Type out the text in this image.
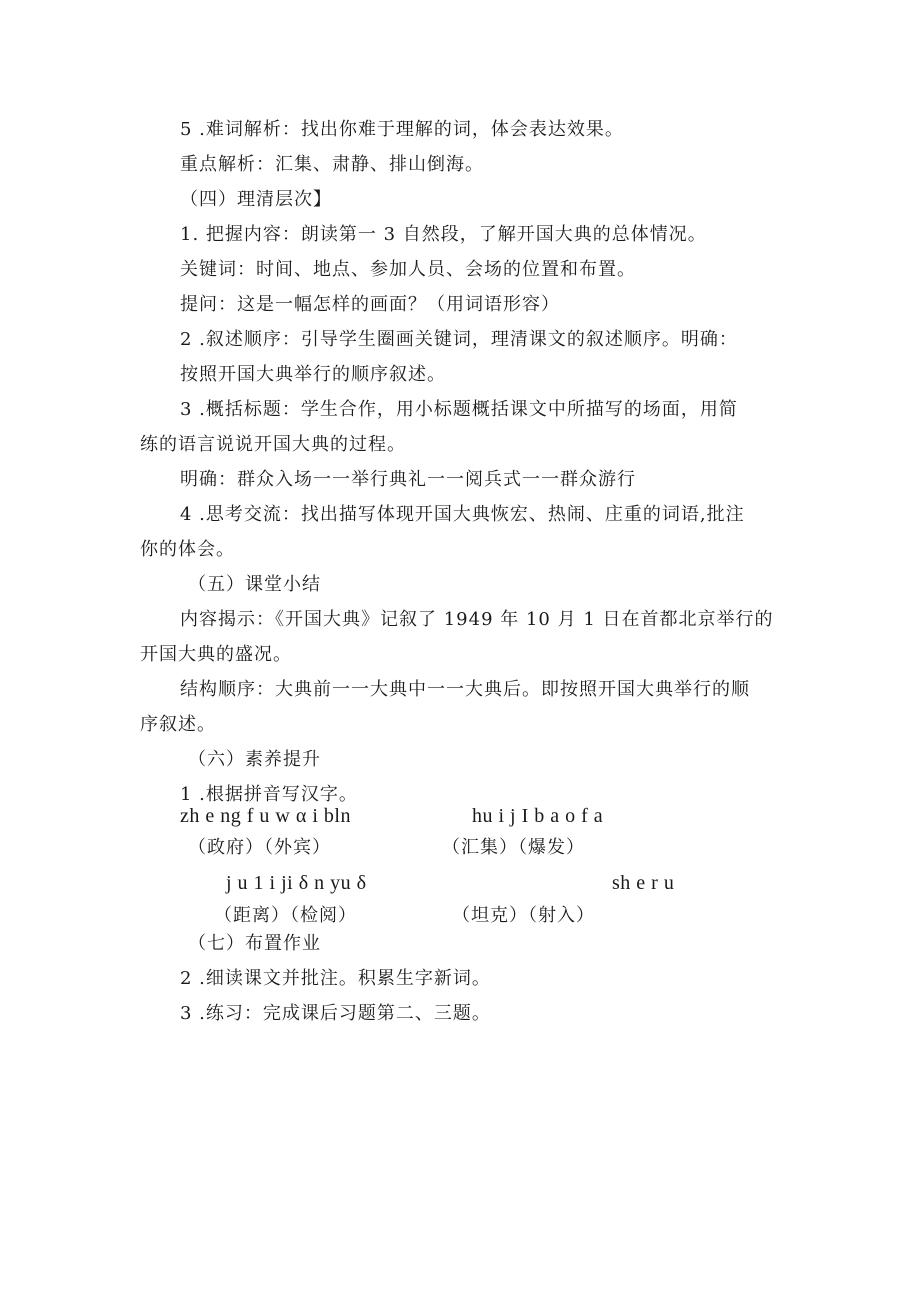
5 .难词解析：找出你难于理解的词，体会表达效果。
重点解析：汇集、肃静、排山倒海。
（四）理清层次】
1. 把握内容：朗读第一 3 自然段，了解开国大典的总体情况。
关键词：时间、地点、参加人员、会场的位置和布置。
提问：这是一幅怎样的画面？（用词语形容）
2 .叙述顺序：引导学生圈画关键词，理清课文的叙述顺序。明确：
按照开国大典举行的顺序叙述。
3 .概括标题：学生合作，用小标题概括课文中所描写的场面，用简
练的语言说说开国大典的过程。
明确：群众入场一一举行典礼一一阅兵式一一群众游行
4 .思考交流：找出描写体现开国大典恢宏、热闹、庄重的词语,批注
你的体会。
（五）课堂小结
内容揭示：《开国大典》记叙了 1949 年 10 月 1 日在首都北京举行的
开国大典的盛况。
结构顺序：大典前一一大典中一一大典后。即按照开国大典举行的顺
序叙述。
（六）素养提升
1 .根据拼音写汉字。
zh e ng f u w α i bln	hu i j I b a o f a
（政府）（外宾）	（汇集）（爆发）
j u 1 i ji δ n yu δ	sh e r u
（距离）（检阅）	（坦克）（射入）
（七）布置作业
2 .细读课文并批注。积累生字新词。
3 .练习：完成课后习题第二、三题。
